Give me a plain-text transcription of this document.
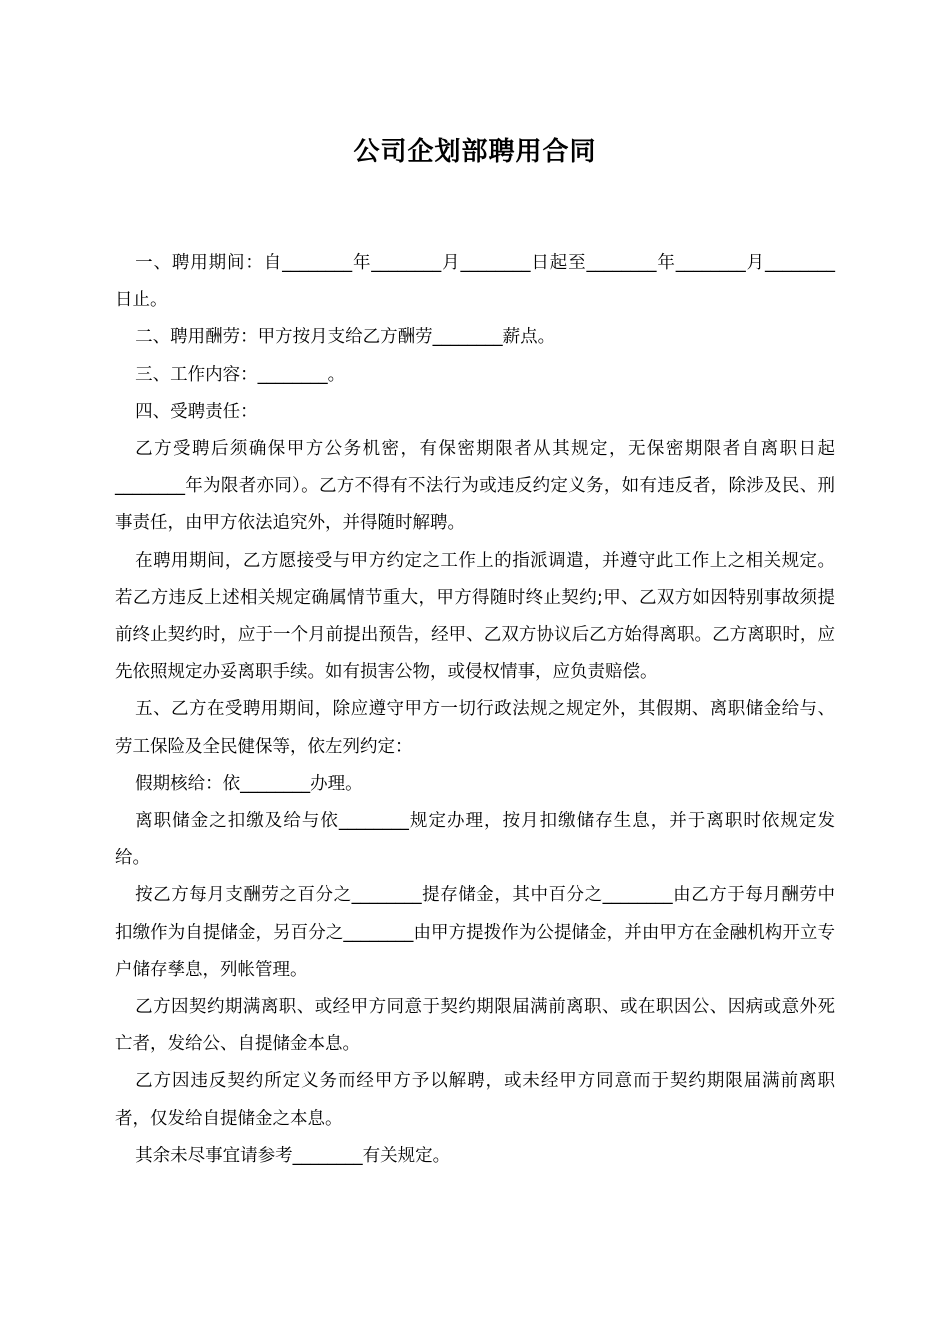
公司企划部聘用合同

一、聘用期间：自________年________月________日起至________年________月________日止。

二、聘用酬劳：甲方按月支给乙方酬劳________薪点。

三、工作内容：________。

四、受聘责任：

乙方受聘后须确保甲方公务机密，有保密期限者从其规定，无保密期限者自离职日起________年为限者亦同）。乙方不得有不法行为或违反约定义务，如有违反者，除涉及民、刑事责任，由甲方依法追究外，并得随时解聘。

在聘用期间，乙方愿接受与甲方约定之工作上的指派调遣，并遵守此工作上之相关规定。若乙方违反上述相关规定确属情节重大，甲方得随时终止契约;甲、乙双方如因特别事故须提前终止契约时，应于一个月前提出预告，经甲、乙双方协议后乙方始得离职。乙方离职时，应先依照规定办妥离职手续。如有损害公物，或侵权情事，应负责赔偿。

五、乙方在受聘用期间，除应遵守甲方一切行政法规之规定外，其假期、离职储金给与、劳工保险及全民健保等，依左列约定：

假期核给：依________办理。

离职储金之扣缴及给与依________规定办理，按月扣缴储存生息，并于离职时依规定发给。

按乙方每月支酬劳之百分之________提存储金，其中百分之________由乙方于每月酬劳中扣缴作为自提储金，另百分之________由甲方提拨作为公提储金，并由甲方在金融机构开立专户储存孳息，列帐管理。

乙方因契约期满离职、或经甲方同意于契约期限届满前离职、或在职因公、因病或意外死亡者，发给公、自提储金本息。

乙方因违反契约所定义务而经甲方予以解聘，或未经甲方同意而于契约期限届满前离职者，仅发给自提储金之本息。

其余未尽事宜请参考________有关规定。
